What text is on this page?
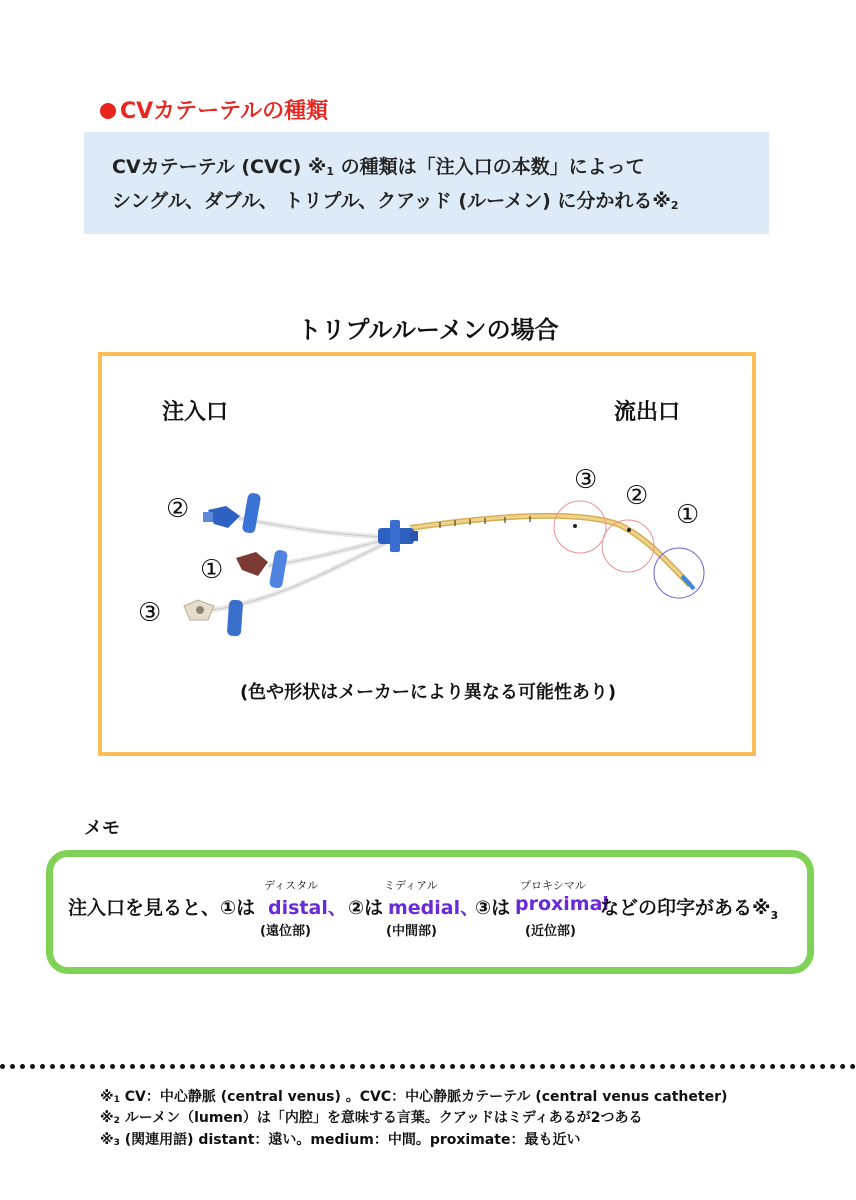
CVカテーテルの種類
CVカテーテル (CVC) $※_1$ の種類は「注入口の本数」によって
シングル、ダブル、 トリプル、クアッド (ルーメン) に分かれる$※_2$
トリプルルーメンの場合
注入口	流出口
②
①
③
③
②
①
(色や形状はメーカーにより異なる可能性あり)
メモ
注入口を見ると、①は
ディスタル
distal、
(遠位部)
②は
ミディアル
medial、
(中間部)
③は
プロキシマル
proximal
(近位部)
などの印字がある$※_3$
$※_1$ CV：中心静脈 (central venus) 。CVC：中心静脈カテーテル (central venus catheter)
$※_2$ ルーメン（lumen）は「内腔」を意味する言葉。クアッドはミディあるが2つある
$※_3$ (関連用語) distant：遠い。medium：中間。proximate：最も近い
